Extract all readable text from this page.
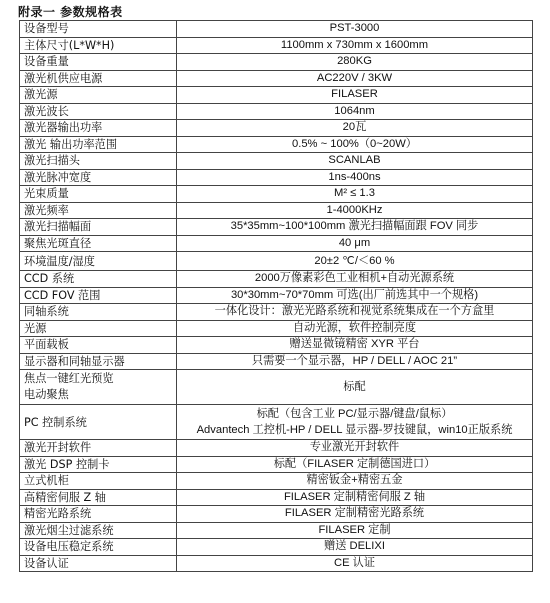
附录一 参数规格表
设备型号	PST-3000
主体尺寸(L*W*H)	1100mm x 730mm x 1600mm
设备重量	280KG
激光机供应电源	AC220V / 3KW
激光源	FILASER
激光波长	1064nm
激光器输出功率	20瓦
激光 输出功率范围	0.5% ~ 100%（0~20W）
激光扫描头	SCANLAB
激光脉冲宽度	1ns-400ns
光束质量	M² ≤ 1.3
激光频率	1-4000KHz
激光扫描幅面	35*35mm~100*100mm 激光扫描幅面跟 FOV 同步
聚焦光斑直径	40 μm
环境温度/湿度	20±2 ℃/＜60 %
CCD 系统	2000万像素彩色工业相机+自动光源系统
CCD FOV 范围	30*30mm~70*70mm 可选(出厂前选其中一个规格)
同轴系统	一体化设计：激光光路系统和视觉系统集成在一个方盒里
光源	自动光源，软件控制亮度
平面载板	赠送显微镜精密 XYR 平台
显示器和同轴显示器	只需要一个显示器，HP / DELL / AOC 21”
焦点一键红光预览
电动聚焦	标配
PC 控制系统	标配（包含工业 PC/显示器/键盘/鼠标）
Advantech 工控机-HP / DELL 显示器-罗技键鼠，win10正版系统
激光开封软件	专业激光开封软件
激光 DSP 控制卡	标配（FILASER 定制德国进口）
立式机柜	精密钣金+精密五金
高精密伺服 Z 轴	FILASER 定制精密伺服 Z 轴
精密光路系统	FILASER 定制精密光路系统
激光烟尘过滤系统	FILASER 定制
设备电压稳定系统	赠送 DELIXI
设备认证	CE 认证
